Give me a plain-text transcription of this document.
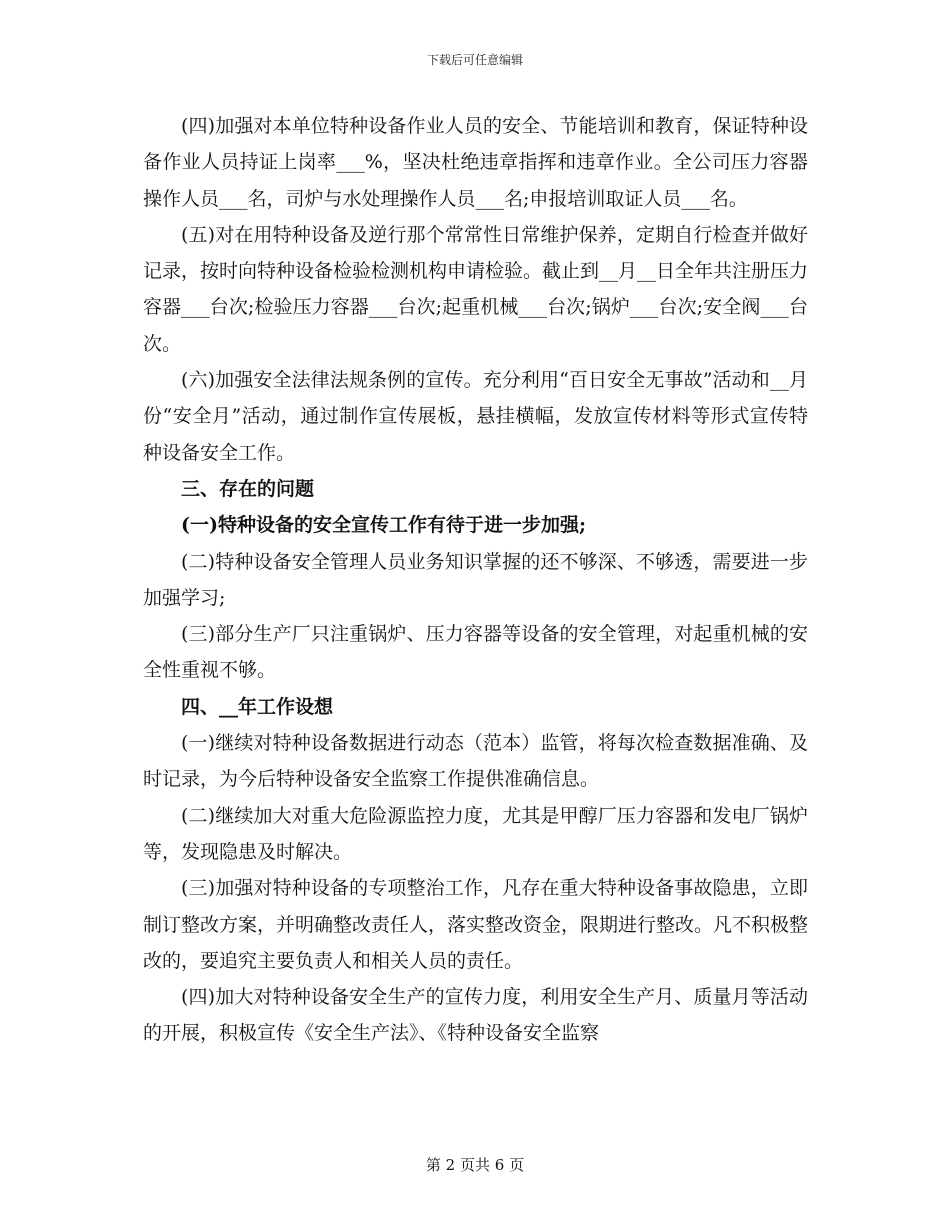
下载后可任意编辑

(四)加强对本单位特种设备作业人员的安全、节能培训和教育，保证特种设备作业人员持证上岗率___%，坚决杜绝违章指挥和违章作业。全公司压力容器操作人员___名，司炉与水处理操作人员___名;申报培训取证人员___名。

(五)对在用特种设备及逆行那个常常性日常维护保养，定期自行检查并做好记录，按时向特种设备检验检测机构申请检验。截止到__月__日全年共注册压力容器___台次;检验压力容器___台次;起重机械___台次;锅炉___台次;安全阀___台次。

(六)加强安全法律法规条例的宣传。充分利用“百日安全无事故”活动和__月份“安全月”活动，通过制作宣传展板，悬挂横幅，发放宣传材料等形式宣传特种设备安全工作。

三、存在的问题

(一)特种设备的安全宣传工作有待于进一步加强;

(二)特种设备安全管理人员业务知识掌握的还不够深、不够透，需要进一步加强学习;

(三)部分生产厂只注重锅炉、压力容器等设备的安全管理，对起重机械的安全性重视不够。

四、__年工作设想

(一)继续对特种设备数据进行动态（范本）监管，将每次检查数据准确、及时记录，为今后特种设备安全监察工作提供准确信息。

(二)继续加大对重大危险源监控力度，尤其是甲醇厂压力容器和发电厂锅炉等，发现隐患及时解决。

(三)加强对特种设备的专项整治工作，凡存在重大特种设备事故隐患，立即制订整改方案，并明确整改责任人，落实整改资金，限期进行整改。凡不积极整改的，要追究主要负责人和相关人员的责任。

(四)加大对特种设备安全生产的宣传力度，利用安全生产月、质量月等活动的开展，积极宣传《安全生产法》、《特种设备安全监察

第 2 页共 6 页
